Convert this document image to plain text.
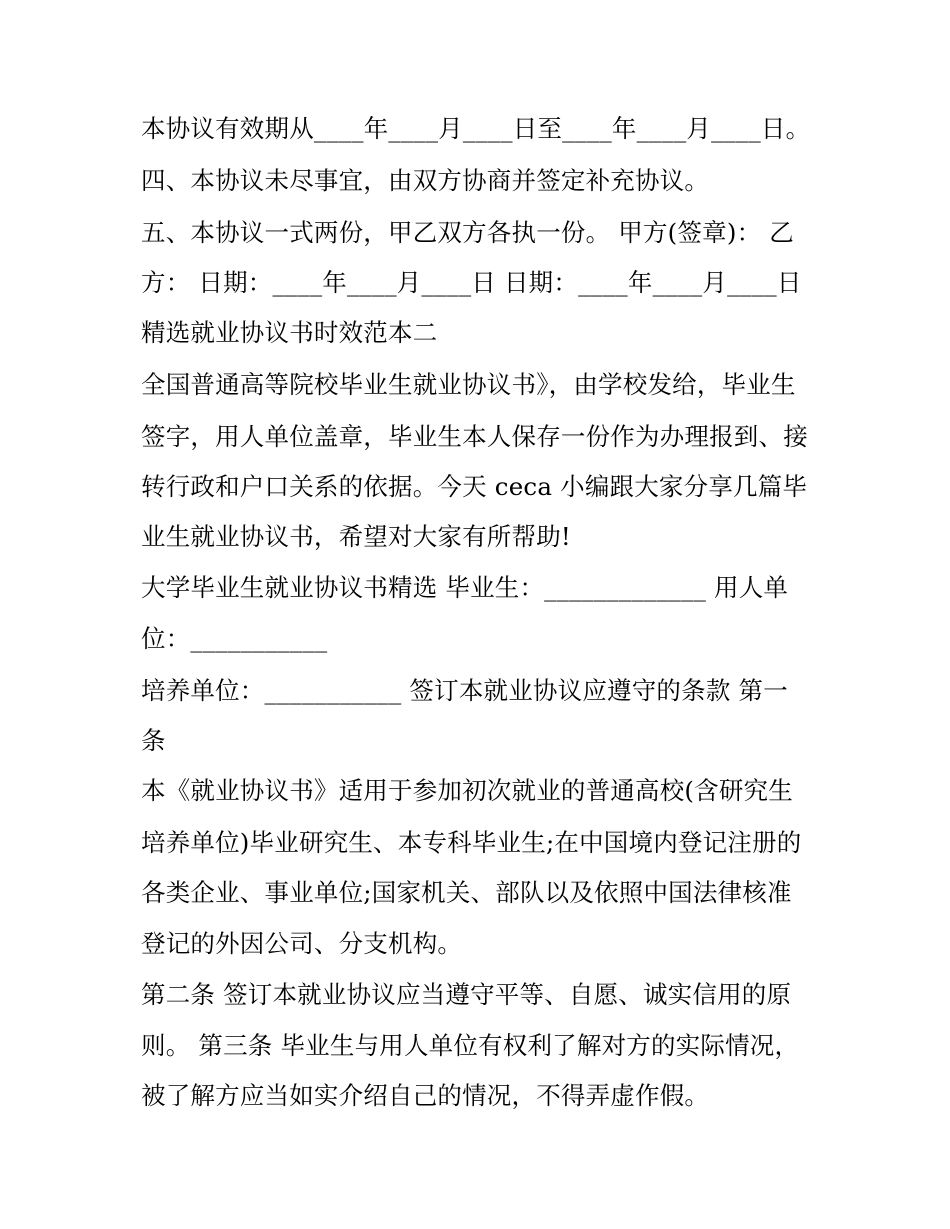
本协议有效期从____年____月____日至____年____月____日。
四、本协议未尽事宜，由双方协商并签定补充协议。
五、本协议一式两份，甲乙双方各执一份。 甲方(签章)： 乙
方： 日期：____年____月____日 日期：____年____月____日
精选就业协议书时效范本二
全国普通高等院校毕业生就业协议书》，由学校发给，毕业生
签字，用人单位盖章，毕业生本人保存一份作为办理报到、接
转行政和户口关系的依据。今天 ceca 小编跟大家分享几篇毕
业生就业协议书，希望对大家有所帮助!
大学毕业生就业协议书精选 毕业生：_____________ 用人单
位：___________
培养单位：___________ 签订本就业协议应遵守的条款 第一
条
本《就业协议书》适用于参加初次就业的普通高校(含研究生
培养单位)毕业研究生、本专科毕业生;在中国境内登记注册的
各类企业、事业单位;国家机关、部队以及依照中国法律核准
登记的外因公司、分支机构。
第二条 签订本就业协议应当遵守平等、自愿、诚实信用的原
则。 第三条 毕业生与用人单位有权利了解对方的实际情况，
被了解方应当如实介绍自己的情况，不得弄虚作假。
